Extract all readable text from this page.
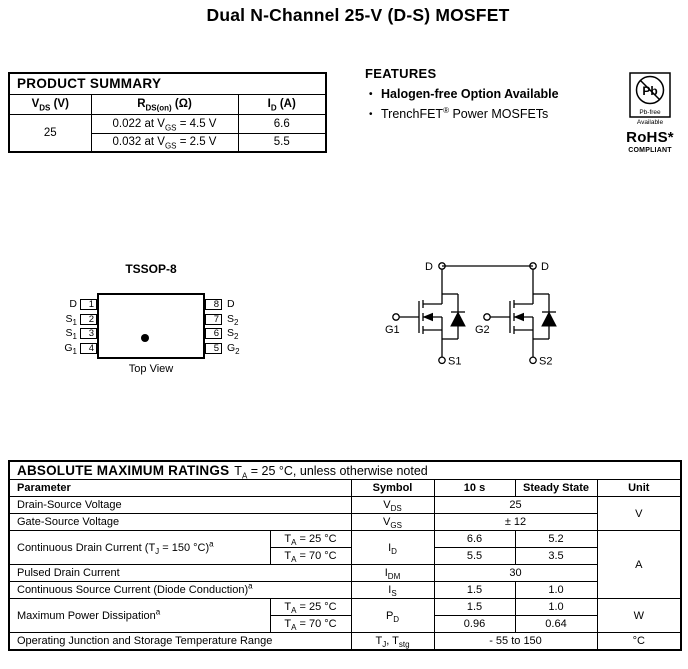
Dual N-Channel 25-V (D-S) MOSFET
PRODUCT SUMMARY		
$V_{DS}$ (V)	$R_{DS(on)}$ (Ω)	$I_D$ (A)
25	0.022 at $V_{GS} = 4.5$ V	6.6
	0.032 at $V_{GS} = 2.5$ V	5.5
FEATURES
• Halogen-free Option Available
• TrenchFET® Power MOSFETs
Pb
Pb-free
Available
RoHS*
COMPLIANT
TSSOP-8
D
$S_1$
$S_1$
$G_1$
1
2
3
4
8
7
6
5
D
$S_2$
$S_2$
$G_2$
Top View
D	D
G1
S1
G2
S2
ABSOLUTE MAXIMUM RATINGS $T_A = 25$ °C, unless otherwise noted					
Parameter		Symbol	10 s	Steady State	Unit
Drain-Source Voltage		$V_{DS}$	25		V
Gate-Source Voltage		$V_{GS}$	± 12		
Continuous Drain Current ($T_J = 150$ °C)$^a$	$T_A = 25$ °C	$I_D$	6.6	5.2	A
	$T_A = 70$ °C		5.5	3.5	
Pulsed Drain Current		$I_{DM}$	30		
Continuous Source Current (Diode Conduction)$^a$		$I_S$	1.5	1.0	
Maximum Power Dissipation$^a$	$T_A = 25$ °C	$P_D$	1.5	1.0	W
	$T_A = 70$ °C		0.96	0.64	
Operating Junction and Storage Temperature Range		$T_J$, $T_{stg}$	- 55 to 150		°C
